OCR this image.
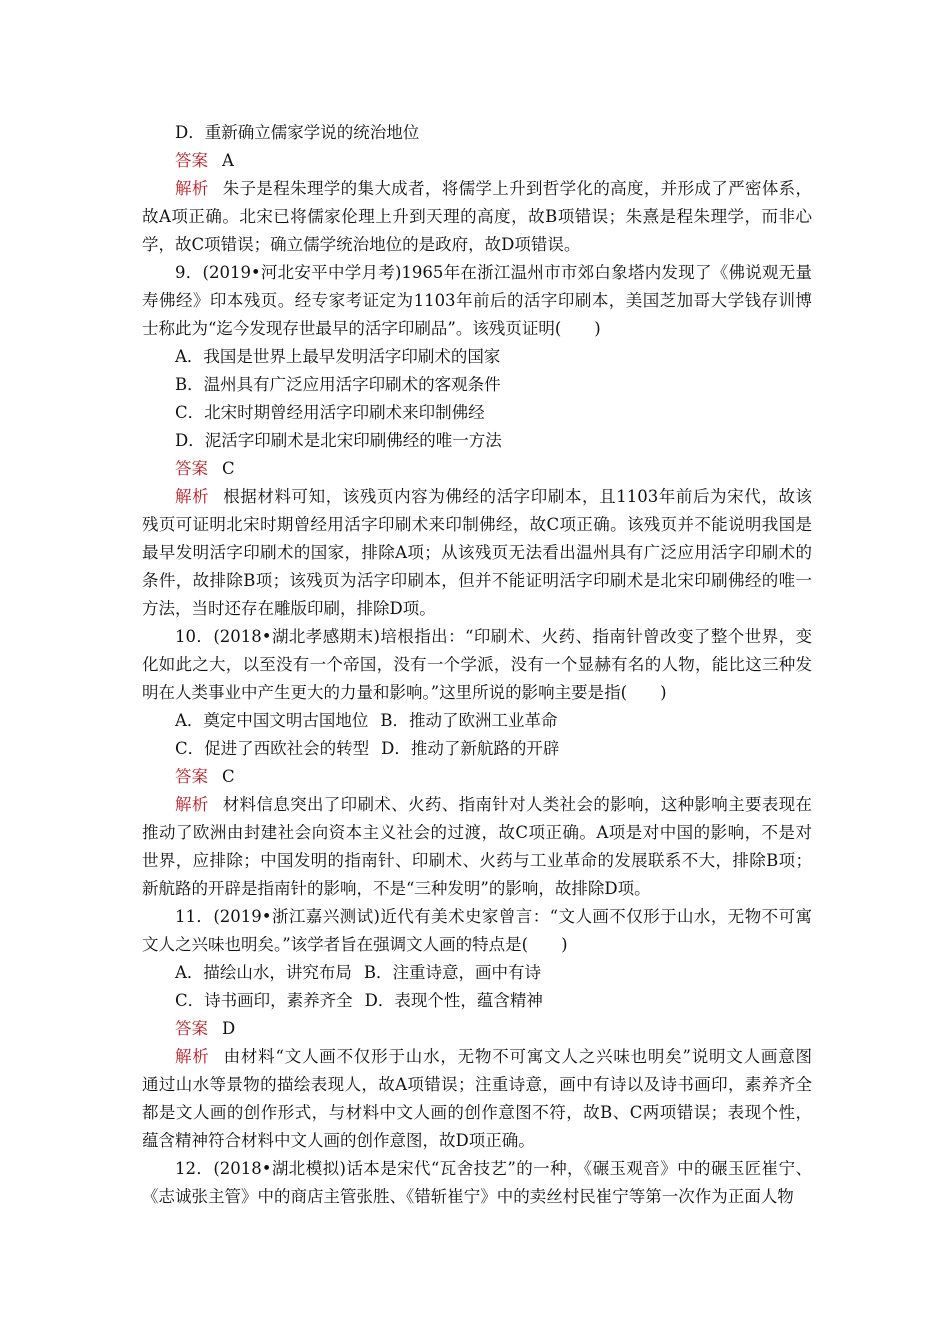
D．重新确立儒家学说的统治地位
答案 A
解析 朱子是程朱理学的集大成者，将儒学上升到哲学化的高度，并形成了严密体系，
故A项正确。北宋已将儒家伦理上升到天理的高度，故B项错误；朱熹是程朱理学，而非心
学，故C项错误；确立儒学统治地位的是政府，故D项错误。
9．(2019•河北安平中学月考)1965年在浙江温州市市郊白象塔内发现了《佛说观无量
寿佛经》印本残页。经专家考证定为1103年前后的活字印刷本，美国芝加哥大学钱存训博
士称此为“迄今发现存世最早的活字印刷品”。该残页证明(　　)
A．我国是世界上最早发明活字印刷术的国家
B．温州具有广泛应用活字印刷术的客观条件
C．北宋时期曾经用活字印刷术来印制佛经
D．泥活字印刷术是北宋印刷佛经的唯一方法
答案 C
解析 根据材料可知，该残页内容为佛经的活字印刷本，且1103年前后为宋代，故该
残页可证明北宋时期曾经用活字印刷术来印制佛经，故C项正确。该残页并不能说明我国是
最早发明活字印刷术的国家，排除A项；从该残页无法看出温州具有广泛应用活字印刷术的
条件，故排除B项；该残页为活字印刷本，但并不能证明活字印刷术是北宋印刷佛经的唯一
方法，当时还存在雕版印刷，排除D项。
10．(2018•湖北孝感期末)培根指出：“印刷术、火药、指南针曾改变了整个世界，变
化如此之大，以至没有一个帝国，没有一个学派，没有一个显赫有名的人物，能比这三种发
明在人类事业中产生更大的力量和影响。”这里所说的影响主要是指(　　)
A．奠定中国文明古国地位 B．推动了欧洲工业革命
C．促进了西欧社会的转型 D．推动了新航路的开辟
答案 C
解析 材料信息突出了印刷术、火药、指南针对人类社会的影响，这种影响主要表现在
推动了欧洲由封建社会向资本主义社会的过渡，故C项正确。A项是对中国的影响，不是对
世界，应排除；中国发明的指南针、印刷术、火药与工业革命的发展联系不大，排除B项；
新航路的开辟是指南针的影响，不是“三种发明”的影响，故排除D项。
11．(2019•浙江嘉兴测试)近代有美术史家曾言：“文人画不仅形于山水，无物不可寓
文人之兴味也明矣。”该学者旨在强调文人画的特点是(　　)
A．描绘山水，讲究布局 B．注重诗意，画中有诗
C．诗书画印，素养齐全 D．表现个性，蕴含精神
答案 D
解析 由材料“文人画不仅形于山水，无物不可寓文人之兴味也明矣”说明文人画意图
通过山水等景物的描绘表现人，故A项错误；注重诗意，画中有诗以及诗书画印，素养齐全
都是文人画的创作形式，与材料中文人画的创作意图不符，故B、C两项错误；表现个性，
蕴含精神符合材料中文人画的创作意图，故D项正确。
12．(2018•湖北模拟)话本是宋代“瓦舍技艺”的一种，《碾玉观音》中的碾玉匠崔宁、
《志诚张主管》中的商店主管张胜、《错斩崔宁》中的卖丝村民崔宁等第一次作为正面人物
